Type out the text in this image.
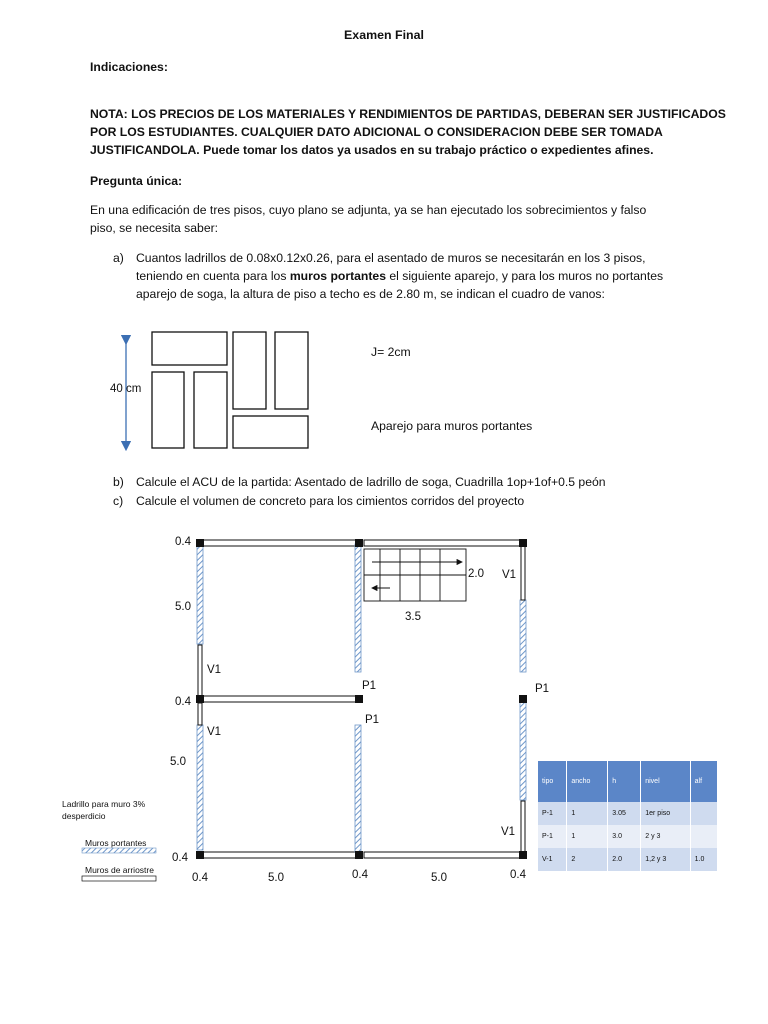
Examen Final
Indicaciones:
NOTA: LOS PRECIOS DE LOS MATERIALES Y RENDIMIENTOS DE PARTIDAS, DEBERAN SER JUSTIFICADOS
POR LOS ESTUDIANTES. CUALQUIER DATO ADICIONAL O CONSIDERACION DEBE SER TOMADA
JUSTIFICANDOLA. Puede tomar los datos ya usados en su trabajo práctico o expedientes afines.
Pregunta única:
En una edificación de tres pisos, cuyo plano se adjunta, ya se han ejecutado los sobrecimientos y falso
piso, se necesita saber:
a) Cuantos ladrillos de 0.08x0.12x0.26, para el asentado de muros se necesitarán en los 3 pisos,
teniendo en cuenta para los muros portantes el siguiente aparejo, y para los muros no portantes
aparejo de soga, la altura de piso a techo es de 2.80 m, se indican el cuadro de vanos:
40 cm
J= 2cm
Aparejo para muros portantes
b) Calcule el ACU de la partida: Asentado de ladrillo de soga, Cuadrilla 1op+1of+0.5 peón
c) Calcule el volumen de concreto para los cimientos corridos del proyecto
0.4
5.0
V1
0.4
V1
5.0
0.4
0.4	5.0	0.4	5.0	0.4
2.0
3.5
V1
V1
P1
P1
P1
Ladrillo para muro 3%
desperdicio
Muros portantes
Muros de arriostre
tipo	ancho	h	nivel	alf
P-1	1	3.05	1er piso	
P-1	1	3.0	2 y 3	
V-1	2	2.0	1,2 y 3	1.0
